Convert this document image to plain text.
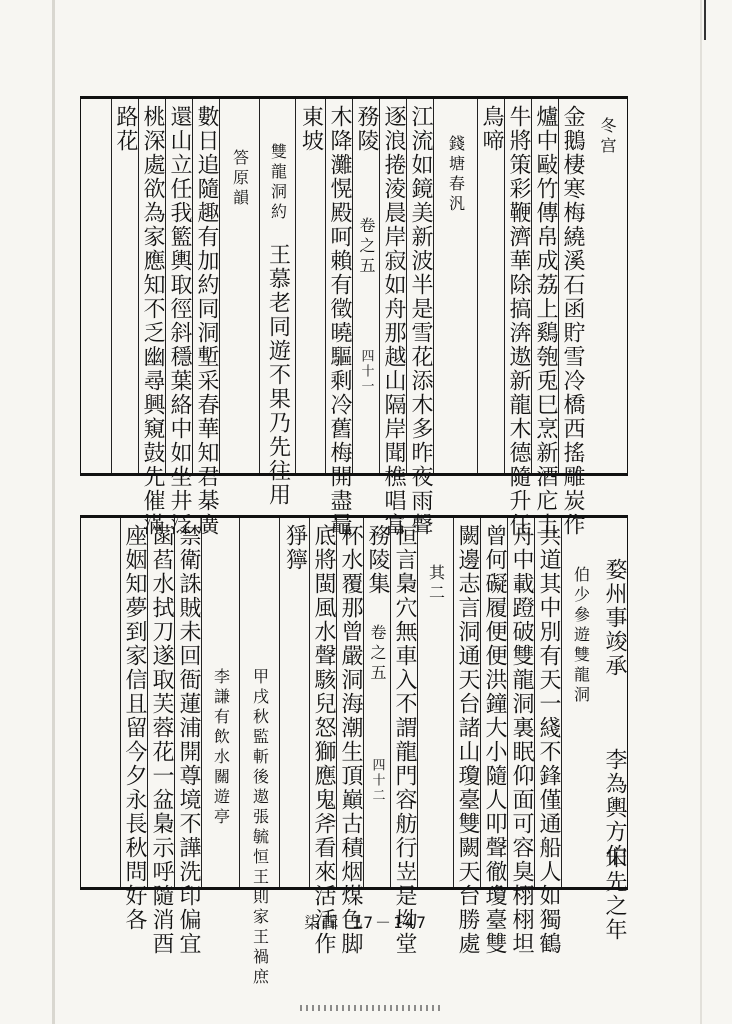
冬宫
金鵝棲寒梅繞溪石函貯雪冷橋西搖雕炭作
爐中敺竹傳帛成荔上鷄匏兎巳烹新酒庀土
牛將策彩鞭濟華除搞渀遨新龍木德隨升任
鳥啼
錢塘春汎
江流如鏡美新波半是雪花添木多昨夜雨聲
逐浪捲淩晨岸寂如舟那越山隔岸聞樵唱富
務陵
卷之五
四十一
木降灘愰殿呵賴有徵曉驅剩冷舊梅開盡鼂
東坡
雙龍洞約
王慕老同遊不果乃先往用
答原韻
數日追隨趣有加約同洞塹采春華知君棊廣
還山立任我籃輿取徑斜穩葉絡中如坐井泛
桃深處欲為家應知不乏幽尋興窺鼓先催滿
路花
婺州事竣承
李為輿方伯
宋先之年
伯少參遊雙龍洞
共道其中別有天一綫不鋒僅通船人如獨鶴
舟中載蹬破雙龍洞裏眠仰面可容臭栩栩坦
曾何礙履便便洪鐘大小隨人叩聲徹瓊臺雙
闕邊志言洞通天台諸山瓊臺雙闕天台勝處
其二
恒言梟穴無車入不謂龍門容舫行岦是坳堂
務陵集
卷之五
四十二
杯水覆那曾嚴洞海潮生頂巔古積烟煤色脚
底將閩風水聲駭兒怒獅應鬼斧看來活活作
猙獰
甲戌秋監斬後遨張毓恒王則家王禍庶
李謙有飲水關遊亭
禁衛誅賊未回衙蓮浦開尊境不譁洗印偏宜
菡萏水拭刀遂取芙蓉花一盆梟示呼隨消酉
座姻知夢到家信且留今夕永長秋問好各	柒輯 17－147
